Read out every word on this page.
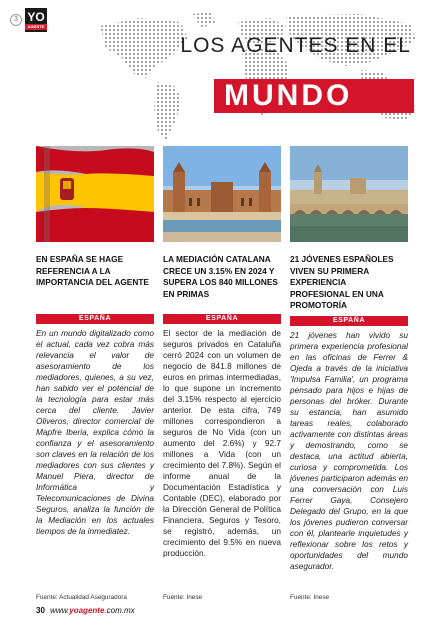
3 YO
AGENTE
LOS AGENTES EN EL
MUNDO
EN ESPAÑA SE HAGE REFERENCIA A LA IMPORTANCIA DEL AGENTE
ESPAÑA
En un mundo digitalizado como el actual, cada vez cobra más relevancia el valor de asesoramiento de los mediadores, quienes, a su vez, han sabido ver el potencial de la tecnología para estar más cerca del cliente. Javier Oliveros, director comercial de Mapfre Iberia, explica cómo la confianza y el asesoramiento son claves en la relación de los mediadores con sus clientes y Manuel Piera, director de Informática y Telecomunicaciones de Divina Seguros, analiza la función de la Mediación en los actuales tiempos de la inmediatez.
LA MEDIACIÓN CATALANA CRECE UN 3.15% EN 2024 Y SUPERA LOS 840 MILLONES EN PRIMAS
ESPAÑA
El sector de la mediación de seguros privados en Cataluña cerró 2024 con un volumen de negocio de 841.8 millones de euros en primas intermediadas, lo que supone un incremento del 3.15% respecto al ejercicio anterior. De esta cifra, 749 millones correspondieron a seguros de No Vida (con un aumento del 2.6%) y 92.7 millones a Vida (con un crecimiento del 7.8%). Según el informe anual de la Documentación Estadística y Contable (DEC), elaborado por la Dirección General de Política Financiera, Seguros y Tesoro, se registró, además, un crecimiento del 9.5% en nueva producción.
21 JÓVENES ESPAÑOLES VIVEN SU PRIMERA EXPERIENCIA PROFESIONAL EN UNA PROMOTORÍA
ESPAÑA
21 jóvenes han vivido su primera experiencia profesional en las oficinas de Ferrer & Ojeda a través de la iniciativa 'Impulsa Familia', un programa pensado para hijos e hijas de personas del bróker. Durante su estancia, han asumido tareas reales, colaborado activamente con distintas áreas y demostrando, como se destaca, una actitud abierta, curiosa y comprometida. Los jóvenes participaron además en una conversación con Luis Ferrer Gaya, Consejero Delegado del Grupo, en la que los jóvenes pudieron conversar con él, plantearle inquietudes y reflexionar sobre los retos y oportunidades del mundo asegurador.
Fuente: Actualidad Aseguradora	Fuente: Inese	Fuente: Inese
30 www.yoagente.com.mx
